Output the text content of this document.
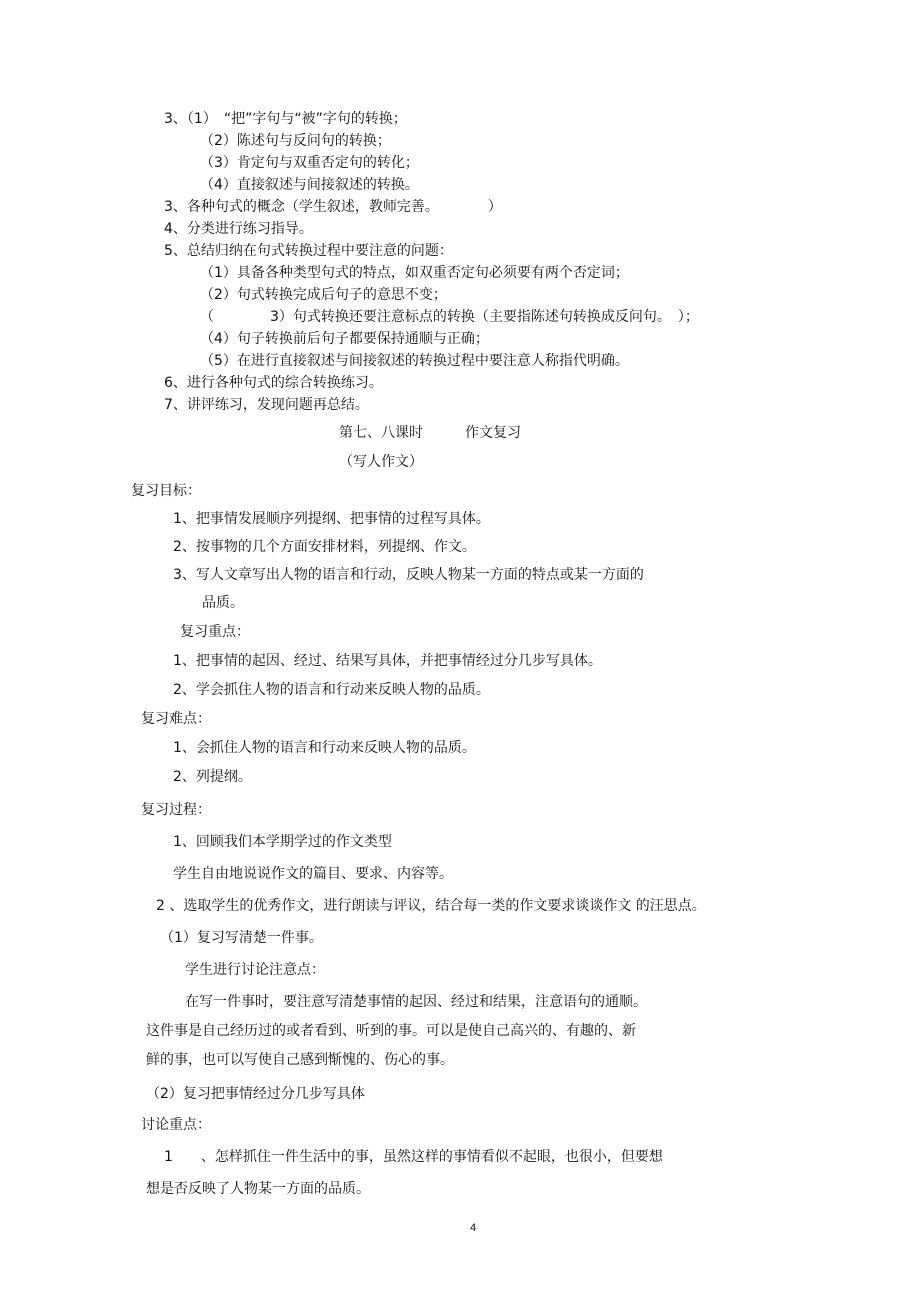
3、（1）　“把”字句与“被”字句的转换；
（2）陈述句与反问句的转换；
（3）肯定句与双重否定句的转化；
（4）直接叙述与间接叙述的转换。
3、各种句式的概念（学生叙述，教师完善。　　　　）
4、分类进行练习指导。
5、总结归纳在句式转换过程中要注意的问题：
（1）具备各种类型句式的特点，如双重否定句必须要有两个否定词；
（2）句式转换完成后句子的意思不变；
（　　　　3）句式转换还要注意标点的转换（主要指陈述句转换成反问句。　）；
（4）句子转换前后句子都要保持通顺与正确；
（5）在进行直接叙述与间接叙述的转换过程中要注意人称指代明确。
6、进行各种句式的综合转换练习。
7、讲评练习，发现问题再总结。
第七、八课时　　　作文复习
（写人作文）
复习目标：
1、把事情发展顺序列提纲、把事情的过程写具体。
2、按事物的几个方面安排材料，列提纲、作文。
3、写人文章写出人物的语言和行动，反映人物某一方面的特点或某一方面的
品质。
复习重点：
1、把事情的起因、经过、结果写具体，并把事情经过分几步写具体。
2、学会抓住人物的语言和行动来反映人物的品质。
复习难点：
1、会抓住人物的语言和行动来反映人物的品质。
2、列提纲。
复习过程：
1、回顾我们本学期学过的作文类型
学生自由地说说作文的篇目、要求、内容等。
2 、选取学生的优秀作文，进行朗读与评议，结合每一类的作文要求谈谈作文 的汪思点。
（1）复习写清楚一件事。
学生进行讨论注意点：
在写一件事时，要注意写清楚事情的起因、经过和结果，注意语句的通顺。
这件事是自己经历过的或者看到、听到的事。可以是使自己高兴的、有趣的、新
鲜的事，也可以写使自己感到惭愧的、伤心的事。
（2）复习把事情经过分几步写具体
讨论重点：
1　　、怎样抓住一件生活中的事，虽然这样的事情看似不起眼，也很小，但要想
想是否反映了人物某一方面的品质。
4
